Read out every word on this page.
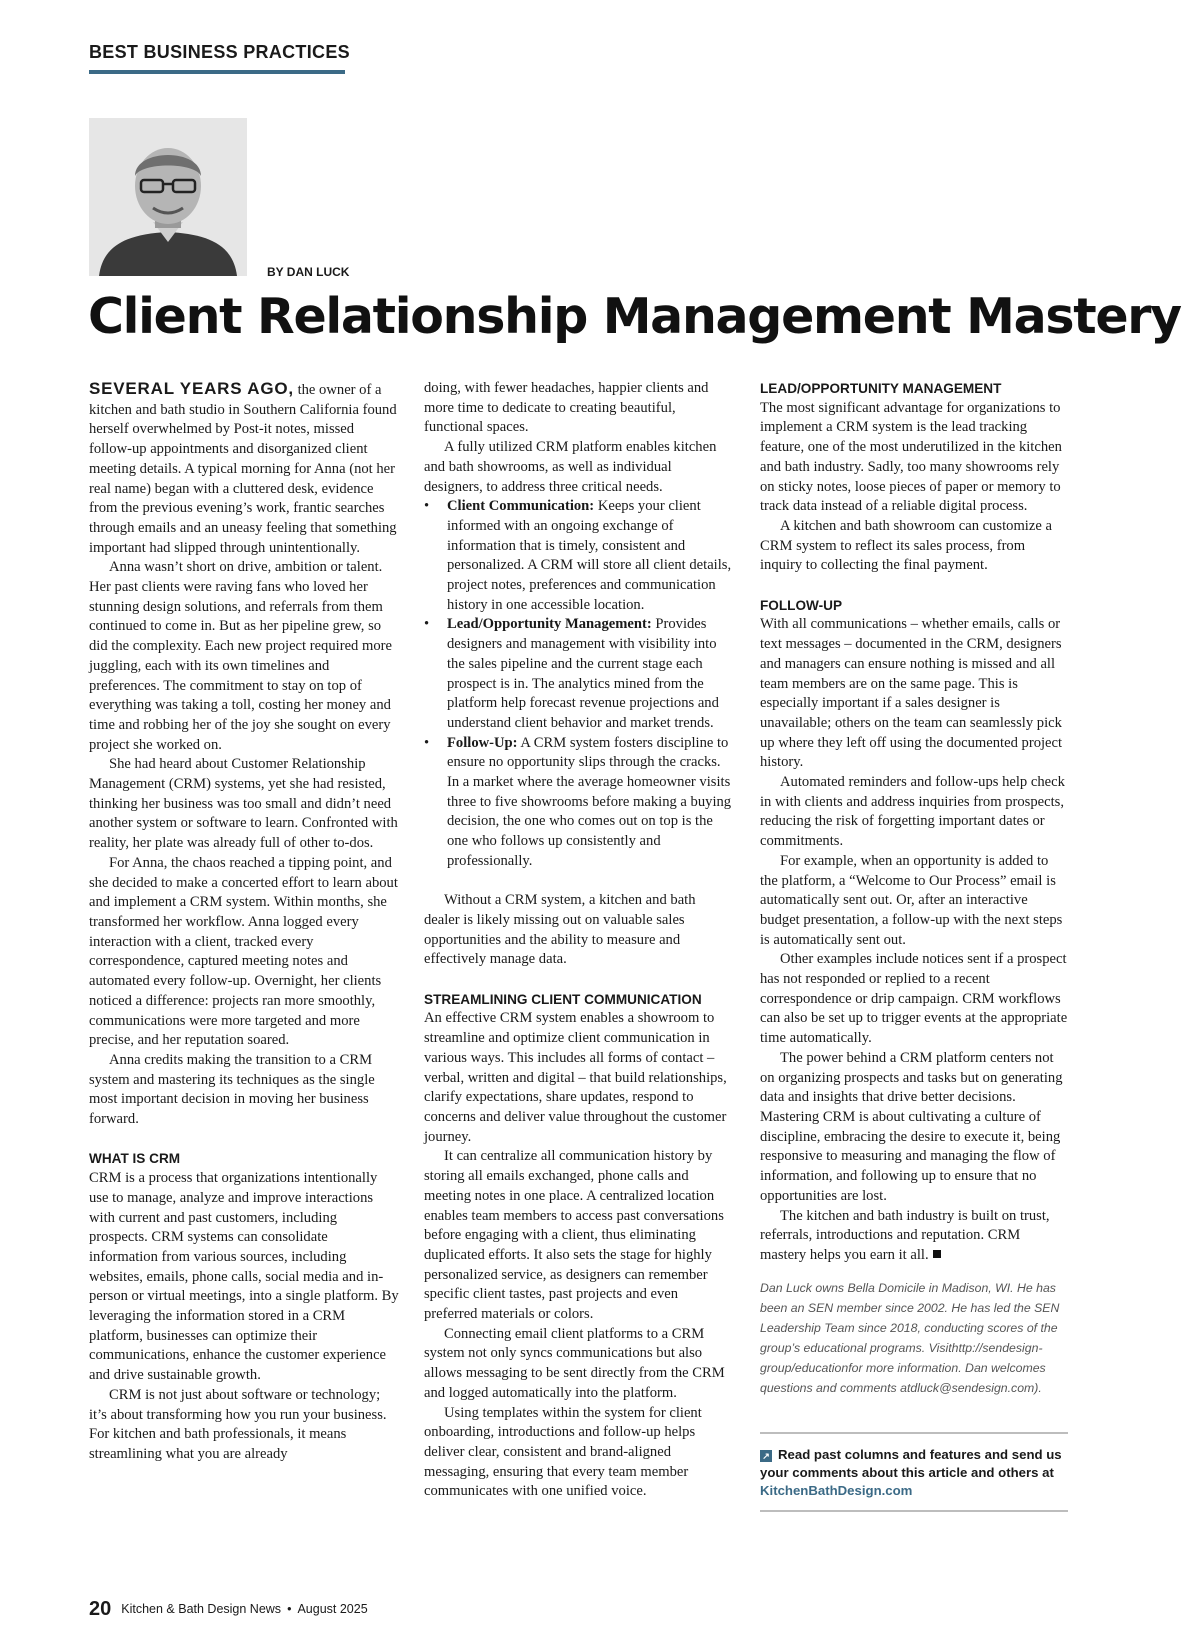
BEST BUSINESS PRACTICES
BY DAN LUCK
Client Relationship Management Mastery

SEVERAL YEARS AGO, the owner of a kitchen and bath studio in Southern California found herself overwhelmed by Post-it notes, missed follow-up appointments and disorganized client meeting details. A typical morning for Anna (not her real name) began with a cluttered desk, evidence from the previous evening’s work, frantic searches through emails and an uneasy feeling that something important had slipped through unintentionally.

Anna wasn’t short on drive, ambition or talent. Her past clients were raving fans who loved her stunning design solutions, and referrals from them continued to come in. But as her pipeline grew, so did the complexity. Each new project required more juggling, each with its own timelines and preferences. The commitment to stay on top of everything was taking a toll, costing her money and time and robbing her of the joy she sought on every project she worked on.

She had heard about Customer Relationship Management (CRM) systems, yet she had resisted, thinking her business was too small and didn’t need another system or software to learn. Confronted with reality, her plate was already full of other to-dos.

For Anna, the chaos reached a tipping point, and she decided to make a concerted effort to learn about and implement a CRM system. Within months, she transformed her workflow. Anna logged every interaction with a client, tracked every correspondence, captured meeting notes and automated every follow-up. Overnight, her clients noticed a difference: projects ran more smoothly, communications were more targeted and more precise, and her reputation soared.

Anna credits making the transition to a CRM system and mastering its techniques as the single most important decision in moving her business forward.

WHAT IS CRM

CRM is a process that organizations intentionally use to manage, analyze and improve interactions with current and past customers, including prospects. CRM systems can consolidate information from various sources, including websites, emails, phone calls, social media and in-person or virtual meetings, into a single platform. By leveraging the information stored in a CRM platform, businesses can optimize their communications, enhance the customer experience and drive sustainable growth.

CRM is not just about software or technology; it’s about transforming how you run your business. For kitchen and bath professionals, it means streamlining what you are already

doing, with fewer headaches, happier clients and more time to dedicate to creating beautiful, functional spaces.

A fully utilized CRM platform enables kitchen and bath showrooms, as well as individual designers, to address three critical needs.

• Client Communication: Keeps your client informed with an ongoing exchange of information that is timely, consistent and personalized. A CRM will store all client details, project notes, preferences and communication history in one accessible location.
• Lead/Opportunity Management: Provides designers and management with visibility into the sales pipeline and the current stage each prospect is in. The analytics mined from the platform help forecast revenue projections and understand client behavior and market trends.
• Follow-Up: A CRM system fosters discipline to ensure no opportunity slips through the cracks. In a market where the average homeowner visits three to five showrooms before making a buying decision, the one who comes out on top is the one who follows up consistently and professionally.

Without a CRM system, a kitchen and bath dealer is likely missing out on valuable sales opportunities and the ability to measure and effectively manage data.

STREAMLINING CLIENT COMMUNICATION

An effective CRM system enables a showroom to streamline and optimize client communication in various ways. This includes all forms of contact – verbal, written and digital – that build relationships, clarify expectations, share updates, respond to concerns and deliver value throughout the customer journey.

It can centralize all communication history by storing all emails exchanged, phone calls and meeting notes in one place. A centralized location enables team members to access past conversations before engaging with a client, thus eliminating duplicated efforts. It also sets the stage for highly personalized service, as designers can remember specific client tastes, past projects and even preferred materials or colors.

Connecting email client platforms to a CRM system not only syncs communications but also allows messaging to be sent directly from the CRM and logged automatically into the platform.

Using templates within the system for client onboarding, introductions and follow-up helps deliver clear, consistent and brand-aligned messaging, ensuring that every team member communicates with one unified voice.

LEAD/OPPORTUNITY MANAGEMENT

The most significant advantage for organizations to implement a CRM system is the lead tracking feature, one of the most underutilized in the kitchen and bath industry. Sadly, too many showrooms rely on sticky notes, loose pieces of paper or memory to track data instead of a reliable digital process.

A kitchen and bath showroom can customize a CRM system to reflect its sales process, from inquiry to collecting the final payment.

FOLLOW-UP

With all communications – whether emails, calls or text messages – documented in the CRM, designers and managers can ensure nothing is missed and all team members are on the same page. This is especially important if a sales designer is unavailable; others on the team can seamlessly pick up where they left off using the documented project history.

Automated reminders and follow-ups help check in with clients and address inquiries from prospects, reducing the risk of forgetting important dates or commitments.

For example, when an opportunity is added to the platform, a “Welcome to Our Process” email is automatically sent out. Or, after an interactive budget presentation, a follow-up with the next steps is automatically sent out.

Other examples include notices sent if a prospect has not responded or replied to a recent correspondence or drip campaign. CRM workflows can also be set up to trigger events at the appropriate time automatically.

The power behind a CRM platform centers not on organizing prospects and tasks but on generating data and insights that drive better decisions. Mastering CRM is about cultivating a culture of discipline, embracing the desire to execute it, being responsive to measuring and managing the flow of information, and following up to ensure that no opportunities are lost.

The kitchen and bath industry is built on trust, referrals, introductions and reputation. CRM mastery helps you earn it all.

Dan Luck owns Bella Domicile in Madison, WI. He has been an SEN member since 2002. He has led the SEN Leadership Team since 2018, conducting scores of the group’s educational programs. Visithttp://sendesign-group/educationfor more information. Dan welcomes questions and comments atdluck@sendesign.com).
↗ Read past columns and features and send us your comments about this article and others at KitchenBathDesign.com
20 Kitchen & Bath Design News • August 2025
